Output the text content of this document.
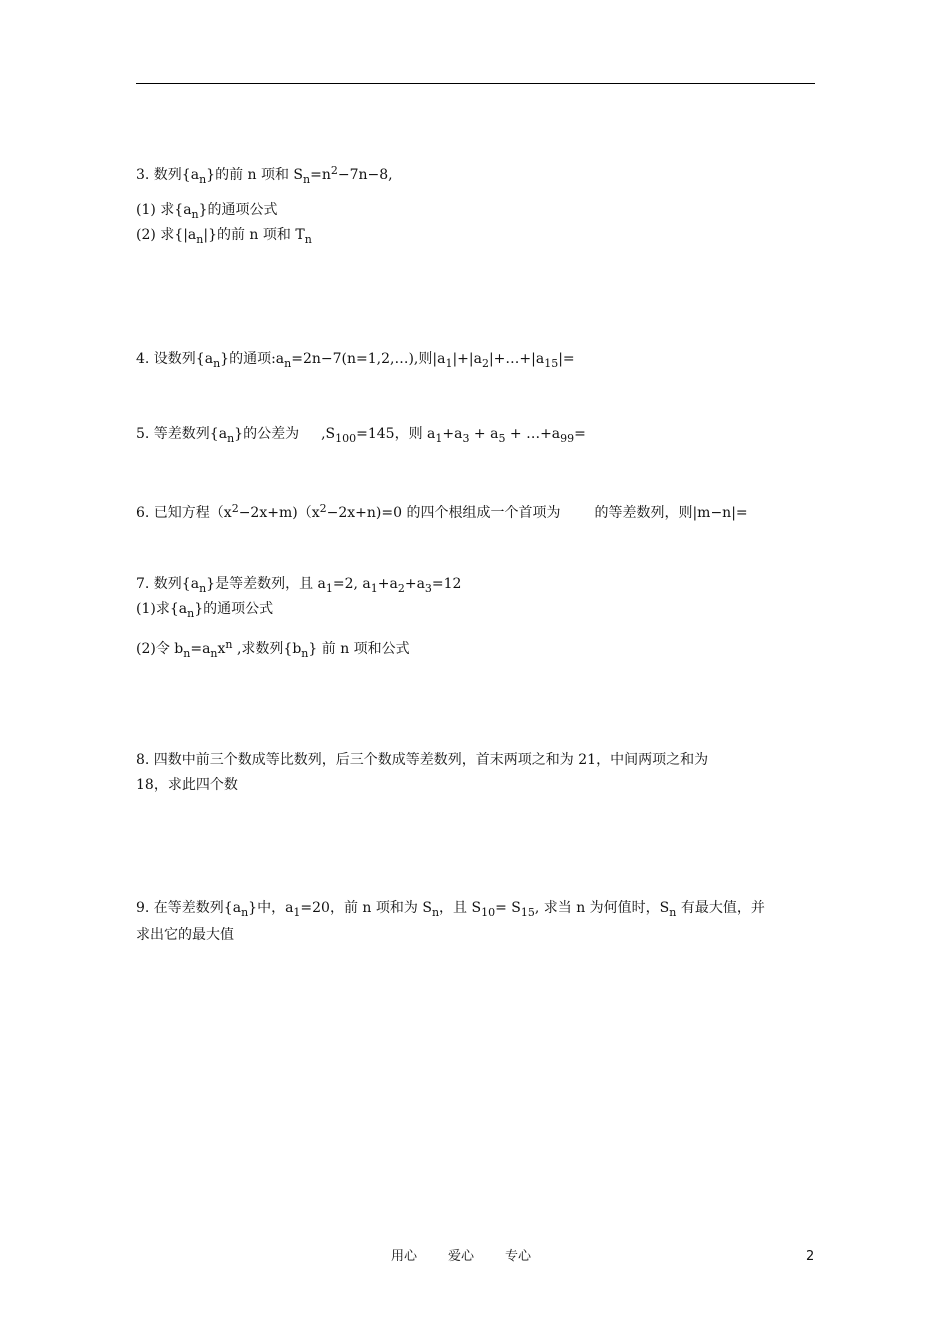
3. 数列$\{a_n\}$的前 n 项和 $S_n=n^2-7n-8$,
(1) 求$\{a_n\}$的通项公式
(2) 求$\{|a_n|\}$的前 n 项和 $T_n$
4. 设数列$\{a_n\}$的通项$:a_n=2n-7(n=1,2,\dots)$,则$|a_1|+|a_2|+\dots+|a_{15}|=$
5. 等差数列$\{a_n\}$的公差为 $,S_{100}=145$，则 $a_1+a_3 + a_5$ + $\dots+a_{99}=$
6. 已知方程$(x^2-2x+m)(x^2-2x+n)=0$ 的四个根组成一个首项为 的等差数列，则|m−n|=
7. 数列$\{a_n\}$是等差数列，且 $a_1=2$, $a_1+a_2+a_3=12$
(1)求$\{a_n\}$的通项公式
(2)令 $b_n=a_nx^n$ ,求数列$\{b_n\}$ 前 n 项和公式
8. 四数中前三个数成等比数列，后三个数成等差数列，首末两项之和为 21，中间两项之和为
18，求此四个数
9. 在等差数列$\{a_n\}$中，$a_1=20$，前 n 项和为 $S_n$，且 $S_{10}= S_{15}$, 求当 n 为何值时，$S_n$ 有最大值，并
求出它的最大值
用心 爱心 专心	2
